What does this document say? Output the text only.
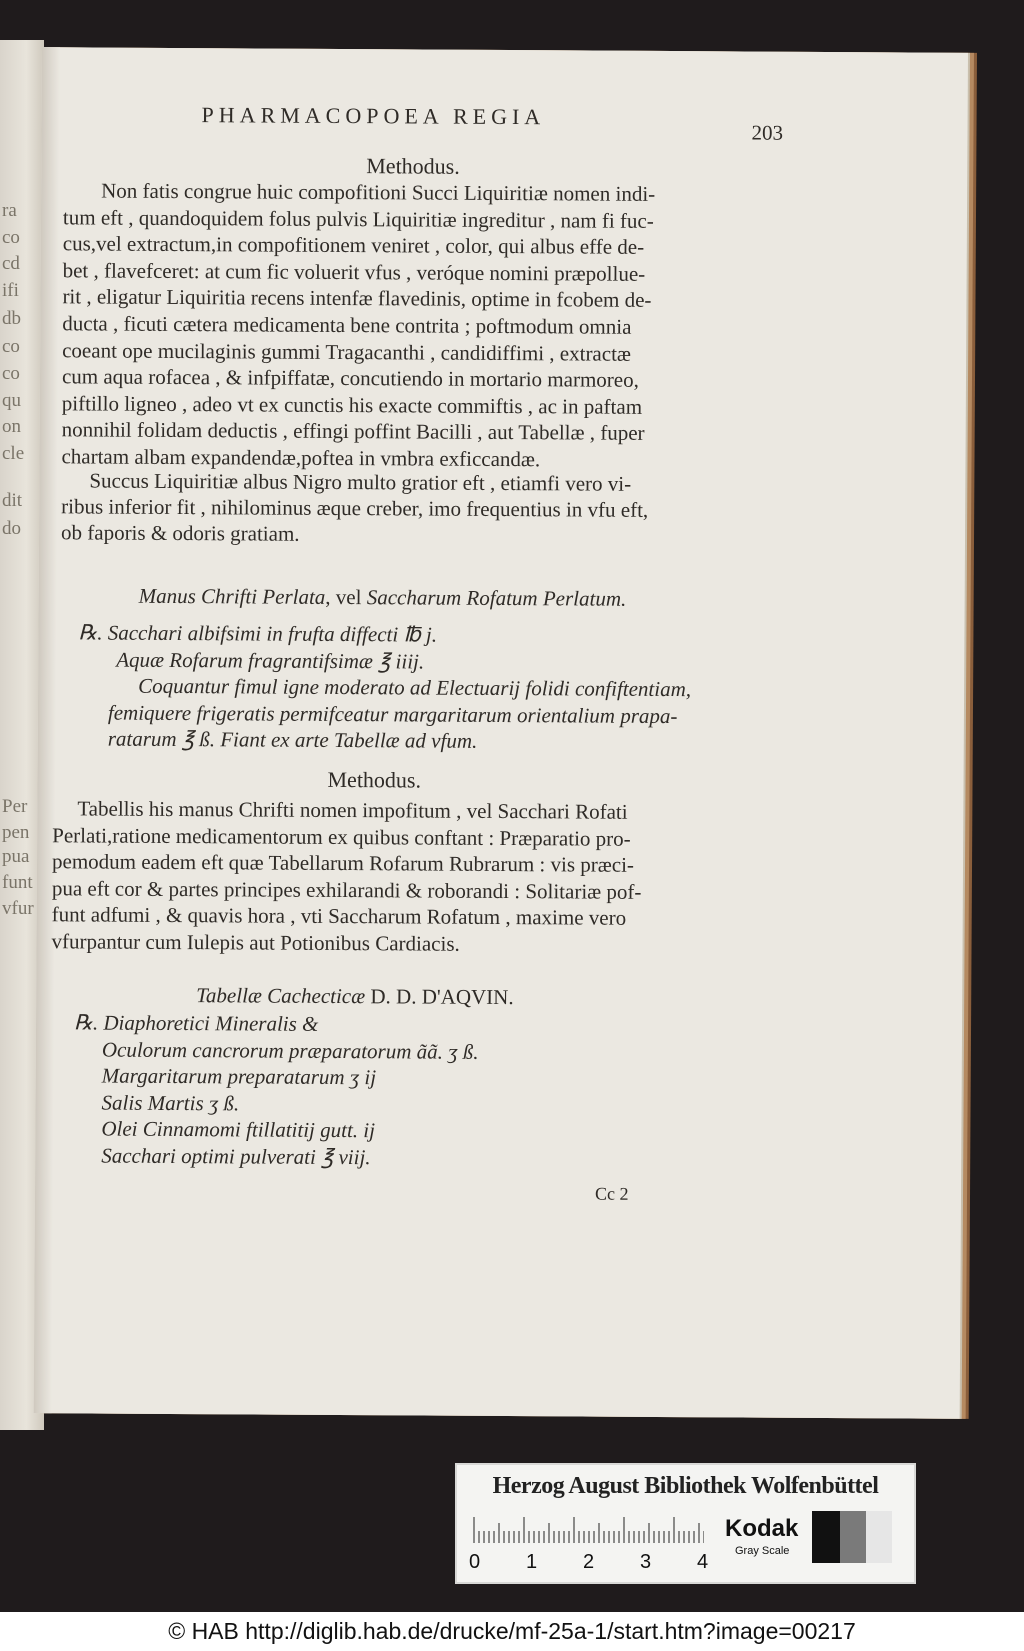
ra
co
cd
ifi
db
co
co
qu
on
cle
dit
do
Per
pen
pua
funt
vfur
PHARMACOPOEA REGIA
203
Methodus.
Non fatis congrue huic compofitioni Succi Liquiritiæ nomen indi-
tum eft , quandoquidem folus pulvis Liquiritiæ ingreditur , nam fi fuc-
cus,vel extractum,in compofitionem veniret , color, qui albus effe de-
bet , flavefceret: at cum fic voluerit vfus , veróque nomini præpollue-
rit , eligatur Liquiritia recens intenfæ flavedinis, optime in fcobem de-
ducta , ficuti cætera medicamenta bene contrita ; poftmodum omnia
coeant ope mucilaginis gummi Tragacanthi , candidiffimi , extractæ
cum aqua rofacea , & infpiffatæ, concutiendo in mortario marmoreo,
piftillo ligneo , adeo vt ex cunctis his exacte commiftis , ac in paftam
nonnihil folidam deductis , effingi poffint Bacilli , aut Tabellæ , fuper
chartam albam expandendæ,poftea in vmbra exficcandæ.
Succus Liquiritiæ albus Nigro multo gratior eft , etiamfi vero vi-
ribus inferior fit , nihilominus æque creber, imo frequentius in vfu eft,
ob faporis & odoris gratiam.
Manus Chrifti Perlata, vel Saccharum Rofatum Perlatum.
℞. Sacchari albifsimi in frufta diffecti ℔ j.
Aquæ Rofarum fragrantifsimæ ℥ iiij.
Coquantur fimul igne moderato ad Electuarij folidi confiftentiam,
femiquere frigeratis permifceatur margaritarum orientalium prapa-
ratarum ℥ ß. Fiant ex arte Tabellæ ad vfum.
Methodus.
Tabellis his manus Chrifti nomen impofitum , vel Sacchari Rofati
Perlati,ratione medicamentorum ex quibus conftant : Præparatio pro-
pemodum eadem eft quæ Tabellarum Rofarum Rubrarum : vis præci-
pua eft cor & partes principes exhilarandi & roborandi : Solitariæ pof-
funt adfumi , & quavis hora , vti Saccharum Rofatum , maxime vero
vfurpantur cum Iulepis aut Potionibus Cardiacis.
Tabellæ Cachecticæ D. D. D'AQVIN.
℞. Diaphoretici Mineralis &
Oculorum cancrorum præparatorum ãã. ʒ ß.
Margaritarum preparatarum ʒ ij
Salis Martis ʒ ß.
Olei Cinnamomi ftillatitij gutt. ij
Sacchari optimi pulverati ℥ viij.
Cc 2
Herzog August Bibliothek Wolfenbüttel
0 1 2 3 4
Kodak
Gray Scale
© HAB http://diglib.hab.de/drucke/mf-25a-1/start.htm?image=00217
